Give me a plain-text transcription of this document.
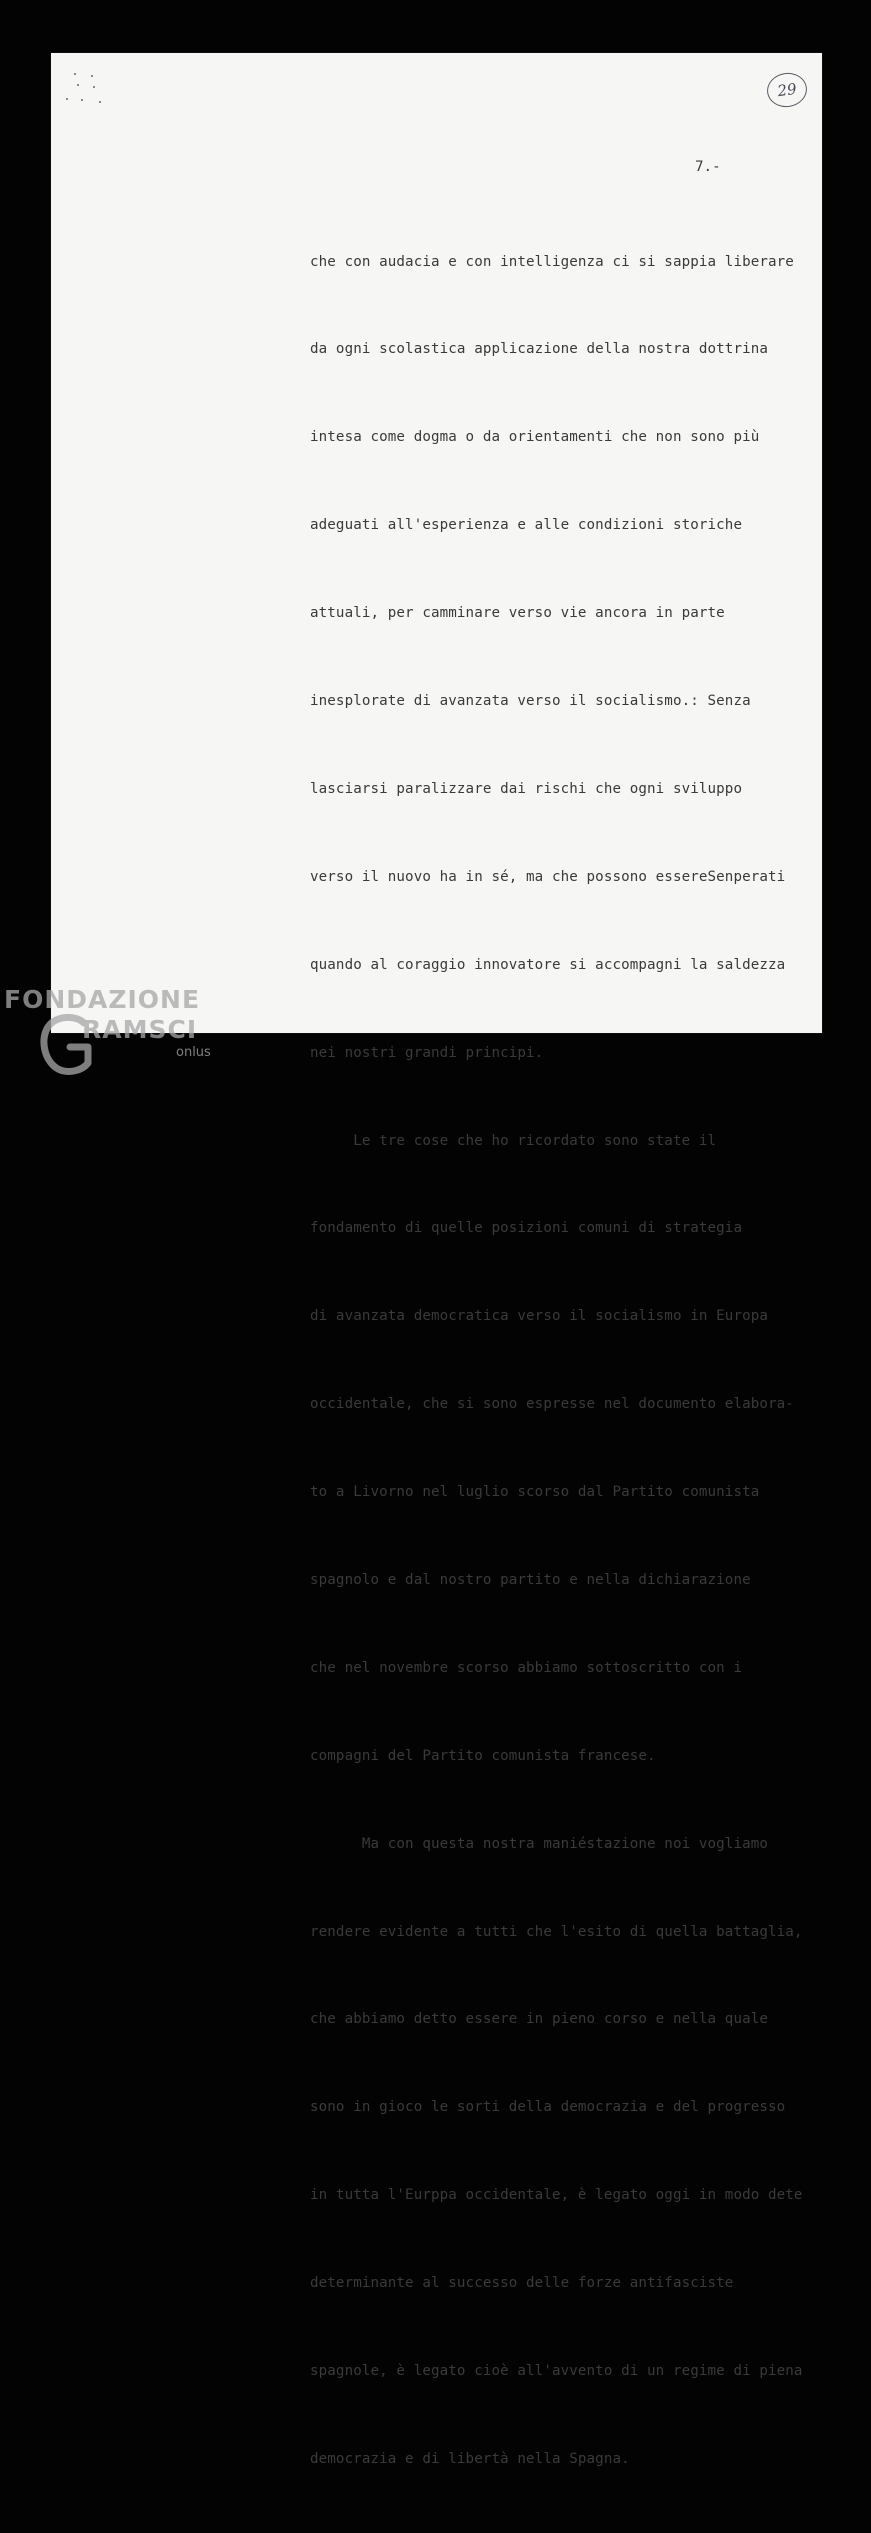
29
7.-

che con audacia e con intelligenza ci si sappia liberare

da ogni scolastica applicazione della nostra dottrina

intesa come dogma o da orientamenti che non sono più

adeguati all'esperienza e alle condizioni storiche

attuali, per camminare verso vie ancora in parte

inesplorate di avanzata verso il socialismo.: Senza

lasciarsi paralizzare dai rischi che ogni sviluppo

verso il nuovo ha in sé, ma che possono essereSenperati

quando al coraggio innovatore si accompagni la saldezza

nei nostri grandi principi.

Le tre cose che ho ricordato sono state il

fondamento di quelle posizioni comuni di strategia

di avanzata democratica verso il socialismo in Europa

occidentale, che si sono espresse nel documento elabora-

to a Livorno nel luglio scorso dal Partito comunista

spagnolo e dal nostro partito e nella dichiarazione

che nel novembre scorso abbiamo sottoscritto con i

compagni del Partito comunista francese.

Ma con questa nostra maniéstazione noi vogliamo

rendere evidente a tutti che l'esito di quella battaglia,

che abbiamo detto essere in pieno corso e nella quale

sono in gioco le sorti della democrazia e del progresso

in tutta l'Eurppa occidentale, è legato oggi in modo dete

determinante al successo delle forze antifasciste

spagnole, è legato cioè all'avvento di un regime di piena

democrazia e di libertà nella Spagna.

FONDAZIONE
RAMSCI
onlus
